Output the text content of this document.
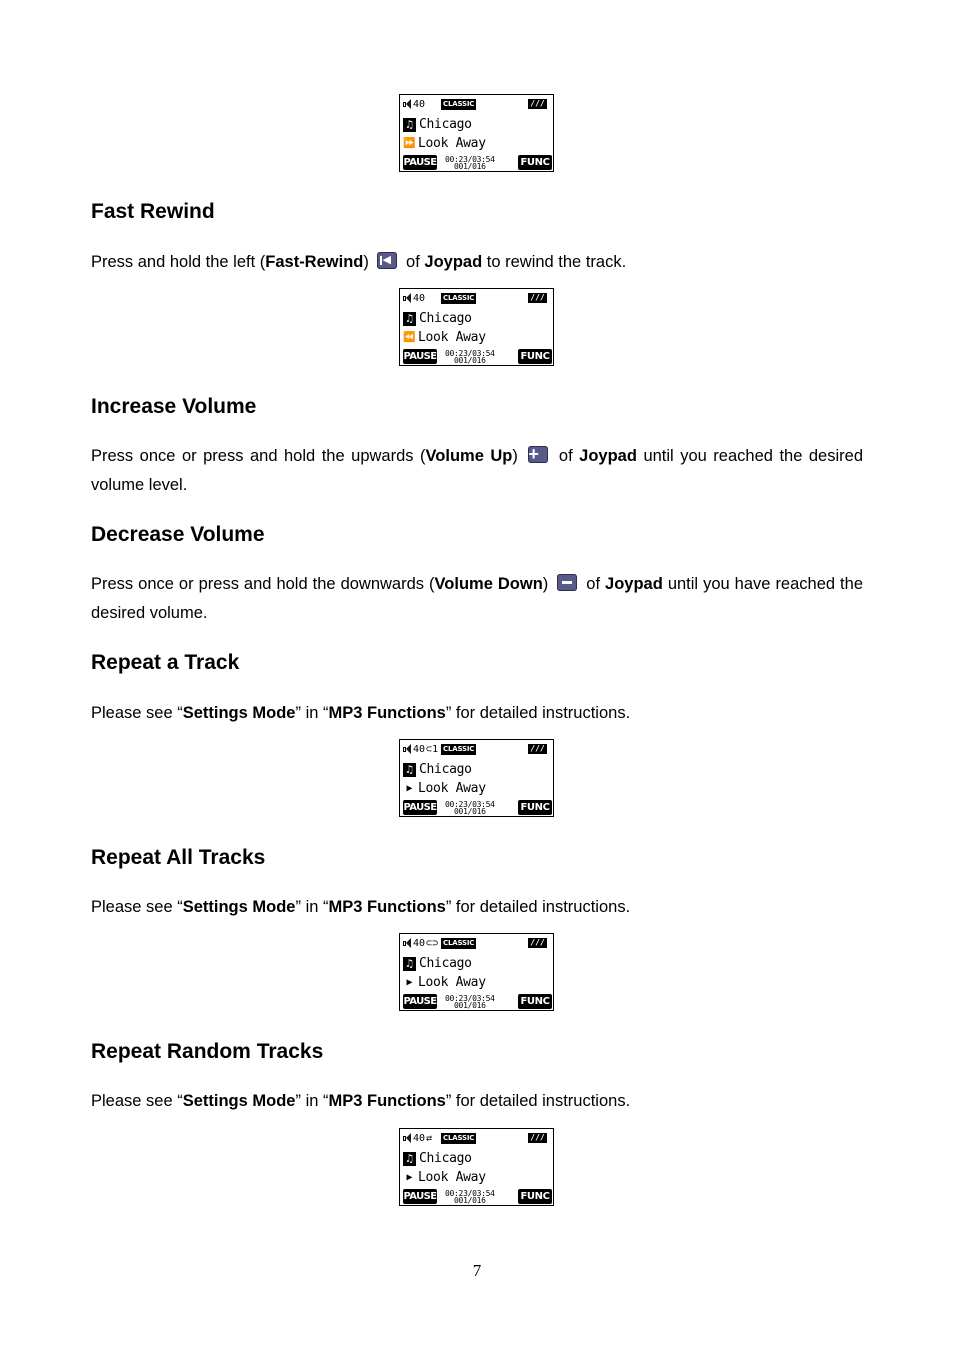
40	CLASSIC	///
♫ Chicago
⏩ Look Away
PAUSE 00:23/03:54
001/016	FUNC
Fast Rewind

Press and hold the left (Fast-Rewind) ◀ of Joypad to rewind the track.

40	CLASSIC	///
♫ Chicago
⏪ Look Away
PAUSE 00:23/03:54
001/016	FUNC
Increase Volume

Press once or press and hold the upwards (Volume Up) + of Joypad until you reached the desired volume level.

Decrease Volume

Press once or press and hold the downwards (Volume Down)  of Joypad until you have reached the desired volume.

Repeat a Track

Please see “Settings Mode” in “MP3 Functions” for detailed instructions.

40 ⊂1 CLASSIC	///
♫ Chicago
▶ Look Away
PAUSE 00:23/03:54
001/016	FUNC
Repeat All Tracks

Please see “Settings Mode” in “MP3 Functions” for detailed instructions.

40 ⊂⊃ CLASSIC	///
♫ Chicago
▶ Look Away
PAUSE 00:23/03:54
001/016	FUNC
Repeat Random Tracks

Please see “Settings Mode” in “MP3 Functions” for detailed instructions.

40 ⇄	CLASSIC	///
♫ Chicago
▶ Look Away
PAUSE 00:23/03:54
001/016	FUNC
7
